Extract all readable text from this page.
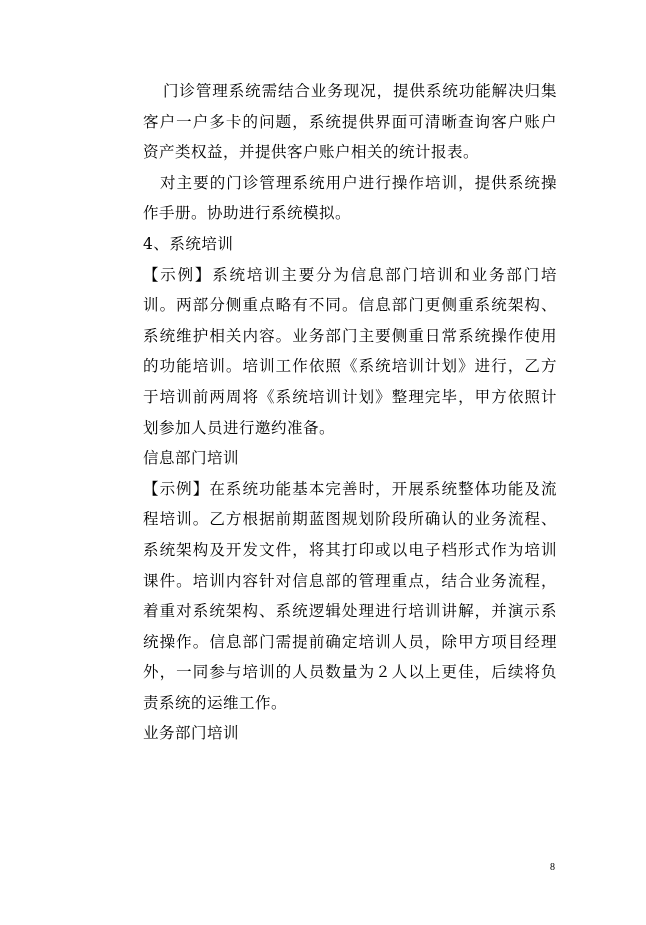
门诊管理系统需结合业务现况，提供系统功能解决归集客户一户多卡的问题，系统提供界面可清晰查询客户账户资产类权益，并提供客户账户相关的统计报表。

对主要的门诊管理系统用户进行操作培训，提供系统操作手册。协助进行系统模拟。

4、系统培训

【示例】系统培训主要分为信息部门培训和业务部门培训。两部分侧重点略有不同。信息部门更侧重系统架构、系统维护相关内容。业务部门主要侧重日常系统操作使用的功能培训。培训工作依照《系统培训计划》进行，乙方于培训前两周将《系统培训计划》整理完毕，甲方依照计划参加人员进行邀约准备。

信息部门培训

【示例】在系统功能基本完善时，开展系统整体功能及流程培训。乙方根据前期蓝图规划阶段所确认的业务流程、系统架构及开发文件，将其打印或以电子档形式作为培训课件。培训内容针对信息部的管理重点，结合业务流程，着重对系统架构、系统逻辑处理进行培训讲解，并演示系统操作。信息部门需提前确定培训人员，除甲方项目经理外，一同参与培训的人员数量为２人以上更佳，后续将负责系统的运维工作。

业务部门培训

8
